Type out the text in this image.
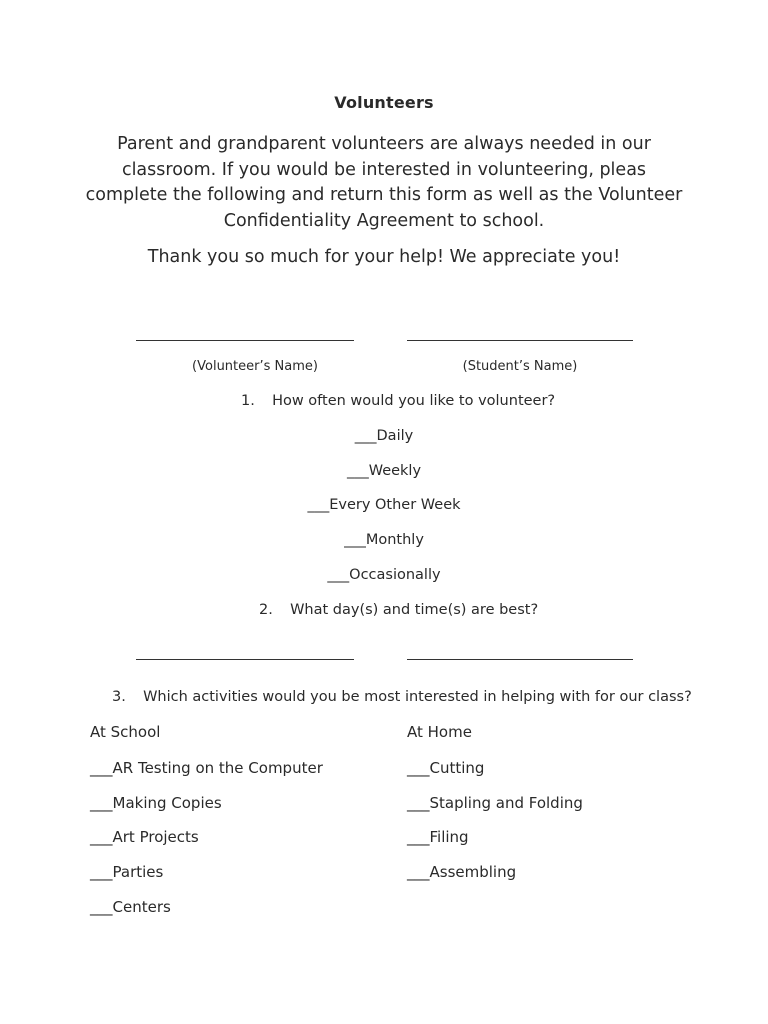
Volunteers
Parent and grandparent volunteers are always needed in our classroom. If you would be interested in volunteering, pleas complete the following and return this form as well as the Volunteer Confidentiality Agreement to school.
Thank you so much for your help! We appreciate you!
(Volunteer’s Name)	(Student’s Name)
1. How often would you like to volunteer?
___Daily
___Weekly
___Every Other Week
___Monthly
___Occasionally
2. What day(s) and time(s) are best?
3. Which activities would you be most interested in helping with for our class?
At School	At Home
___AR Testing on the Computer
___Making Copies
___Art Projects
___Parties
___Centers
___Cutting
___Stapling and Folding
___Filing
___Assembling
